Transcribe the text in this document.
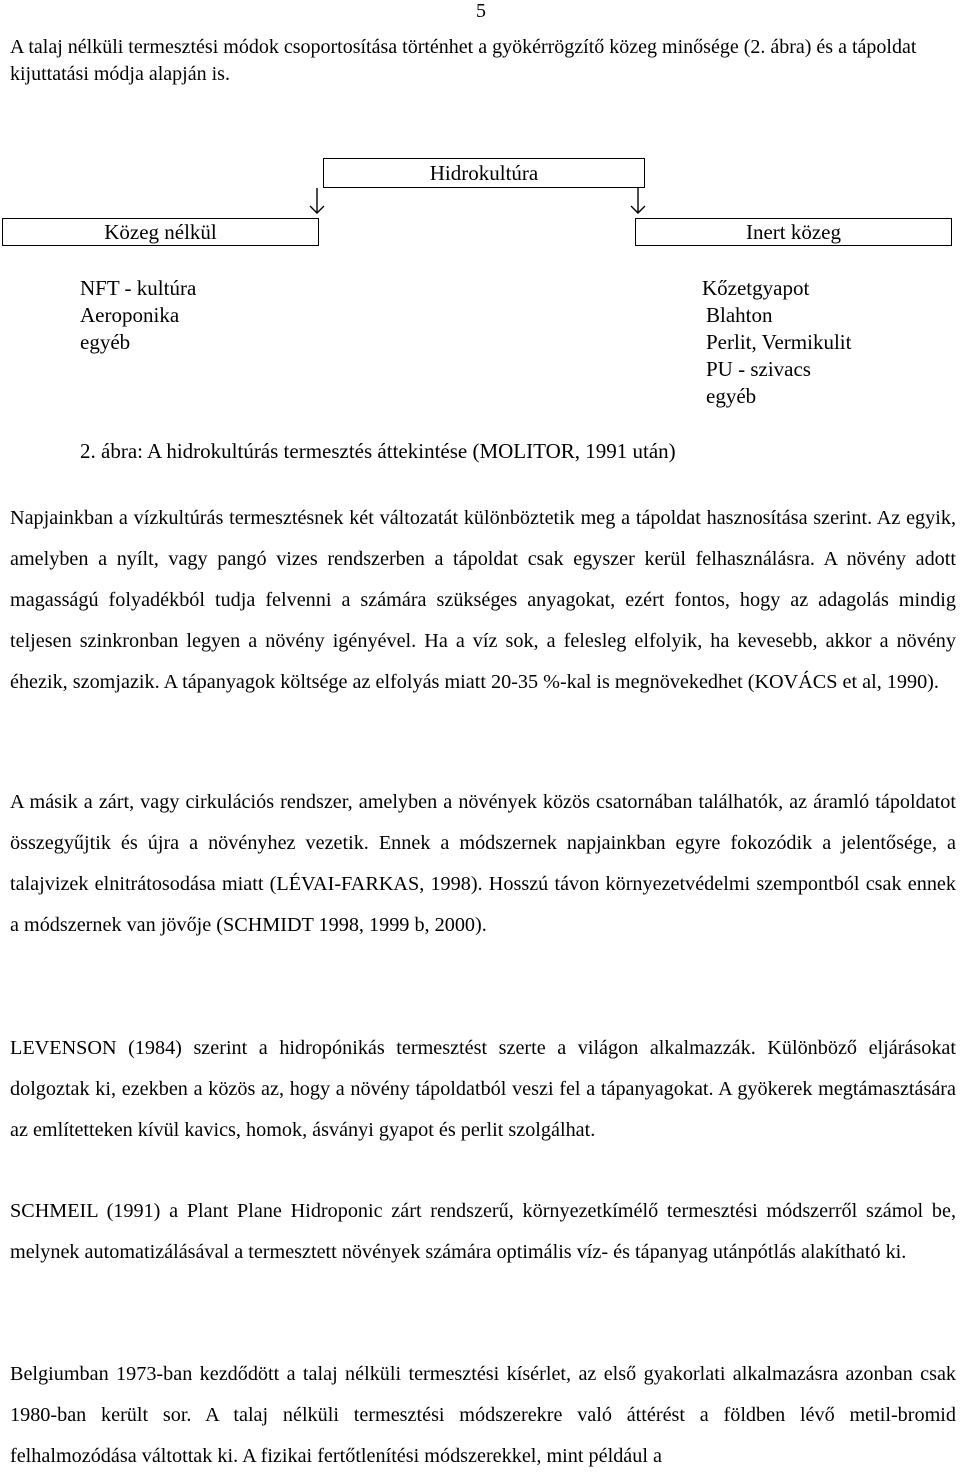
5

A talaj nélküli termesztési módok csoportosítása történhet a gyökérrögzítő közeg minősége (2. ábra) és a tápoldat kijuttatási módja alapján is.

Hidrokultúra
Közeg nélkül	Inert közeg
NFT - kultúra
Aeroponika
egyéb
Kőzetgyapot
Blahton
Perlit, Vermikulit
PU - szivacs
egyéb

2. ábra: A hidrokultúrás termesztés áttekintése (MOLITOR, 1991 után)

Napjainkban a vízkultúrás termesztésnek két változatát különböztetik meg a tápoldat hasznosítása szerint. Az egyik, amelyben a nyílt, vagy pangó vizes rendszerben a tápoldat csak egyszer kerül felhasználásra. A növény adott magasságú folyadékból tudja felvenni a számára szükséges anyagokat, ezért fontos, hogy az adagolás mindig teljesen szinkronban legyen a növény igényével. Ha a víz sok, a felesleg elfolyik, ha kevesebb, akkor a növény éhezik, szomjazik. A tápanyagok költsége az elfolyás miatt 20-35 %-kal is megnövekedhet (KOVÁCS et al, 1990).

A másik a zárt, vagy cirkulációs rendszer, amelyben a növények közös csatornában találhatók, az áramló tápoldatot összegyűjtik és újra a növényhez vezetik. Ennek a módszernek napjainkban egyre fokozódik a jelentősége, a talajvizek elnitrátosodása miatt (LÉVAI-FARKAS, 1998). Hosszú távon környezetvédelmi szempontból csak ennek a módszernek van jövője (SCHMIDT 1998, 1999 b, 2000).

LEVENSON (1984) szerint a hidropónikás termesztést szerte a világon alkalmazzák. Különböző eljárásokat dolgoztak ki, ezekben a közös az, hogy a növény tápoldatból veszi fel a tápanyagokat. A gyökerek megtámasztására az említetteken kívül kavics, homok, ásványi gyapot és perlit szolgálhat.

SCHMEIL (1991) a Plant Plane Hidroponic zárt rendszerű, környezetkímélő termesztési módszerről számol be, melynek automatizálásával a termesztett növények számára optimális víz- és tápanyag utánpótlás alakítható ki.

Belgiumban 1973-ban kezdődött a talaj nélküli termesztési kísérlet, az első gyakorlati alkalmazásra azonban csak 1980-ban került sor. A talaj nélküli termesztési módszerekre való áttérést a földben lévő metil-bromid felhalmozódása váltottak ki. A fizikai fertőtlenítési módszerekkel, mint például a
